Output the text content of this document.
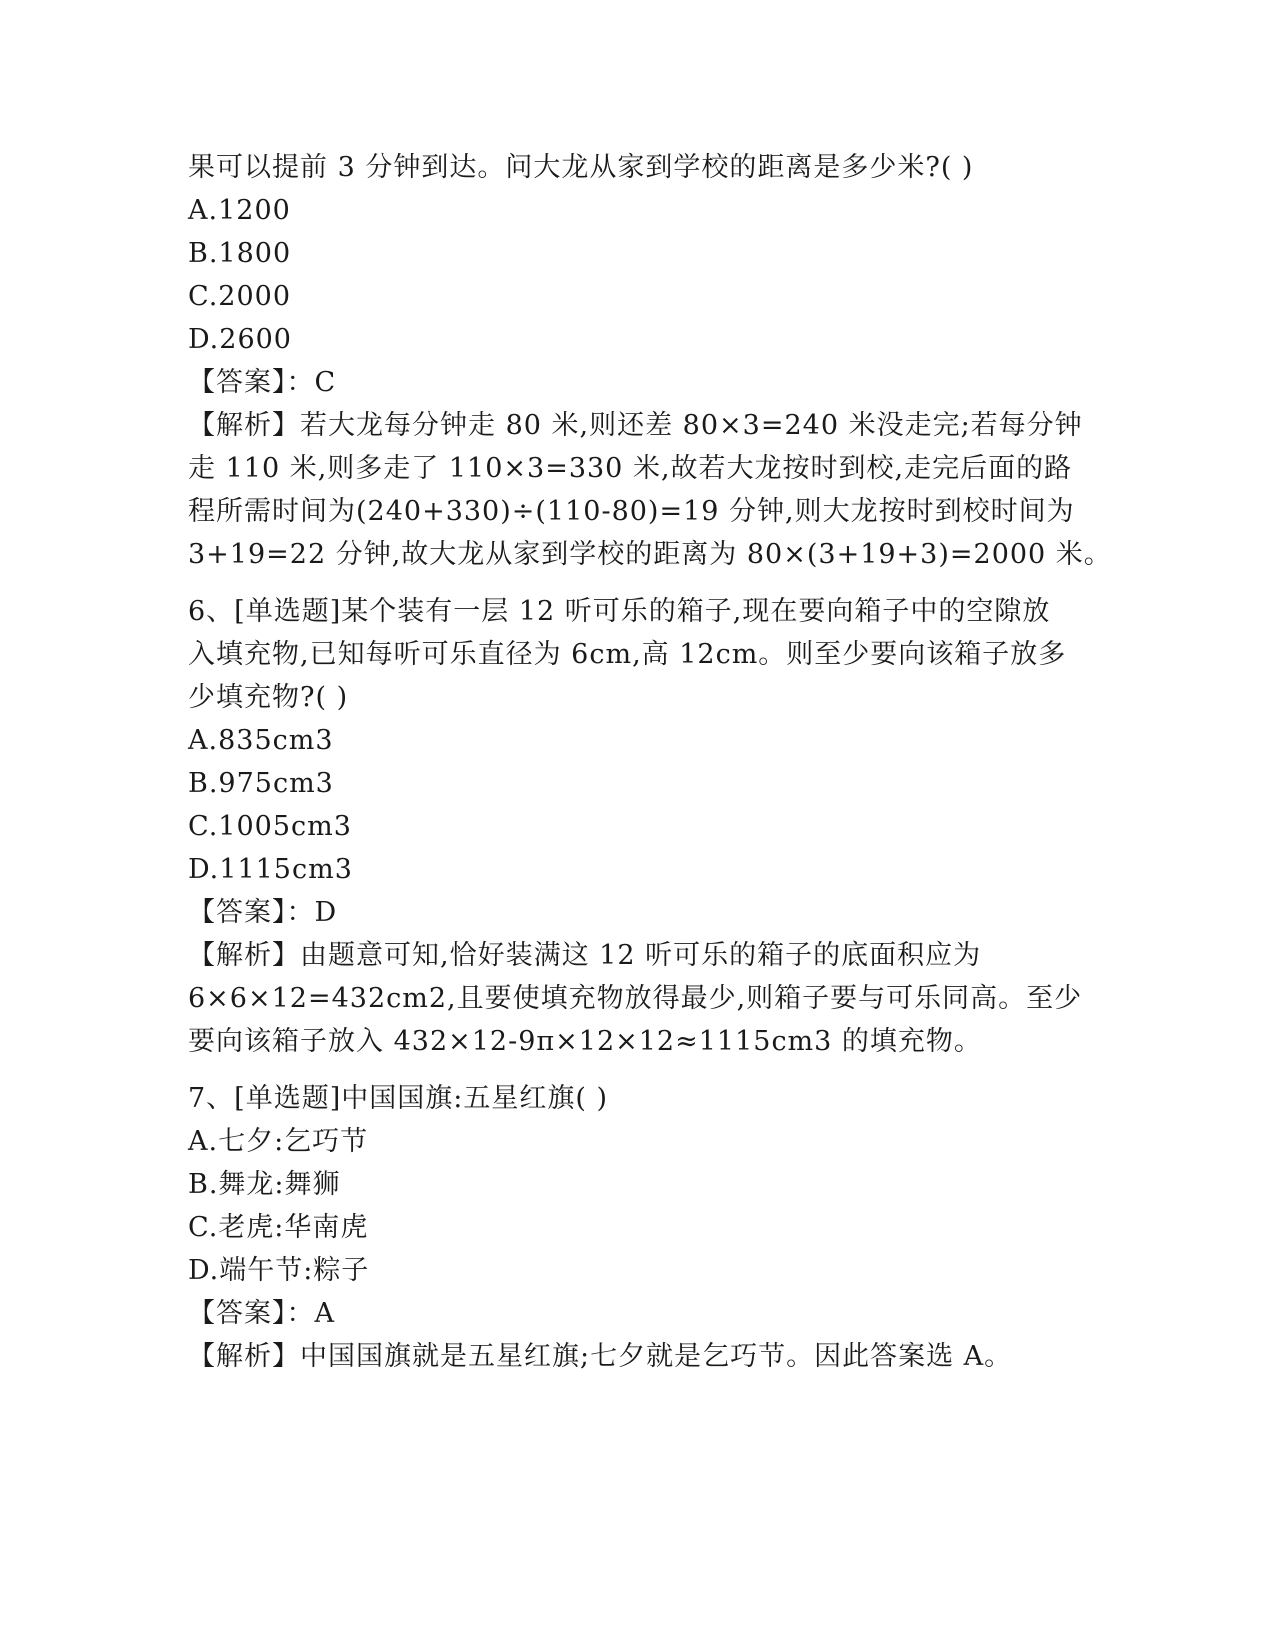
果可以提前 3 分钟到达。问大龙从家到学校的距离是多少米?( )
A.1200
B.1800
C.2000
D.2600
【答案】：C
【解析】若大龙每分钟走 80 米,则还差 80×3=240 米没走完;若每分钟
走 110 米,则多走了 110×3=330 米,故若大龙按时到校,走完后面的路
程所需时间为(240+330)÷(110-80)=19 分钟,则大龙按时到校时间为
3+19=22 分钟,故大龙从家到学校的距离为 80×(3+19+3)=2000 米。
6、[单选题]某个装有一层 12 听可乐的箱子,现在要向箱子中的空隙放
入填充物,已知每听可乐直径为 6cm,高 12cm。则至少要向该箱子放多
少填充物?( )
A.835cm3
B.975cm3
C.1005cm3
D.1115cm3
【答案】：D
【解析】由题意可知,恰好装满这 12 听可乐的箱子的底面积应为
6×6×12=432cm2,且要使填充物放得最少,则箱子要与可乐同高。至少
要向该箱子放入 432×12-9π×12×12≈1115cm3 的填充物。
7、[单选题]中国国旗:五星红旗( )
A.七夕:乞巧节
B.舞龙:舞狮
C.老虎:华南虎
D.端午节:粽子
【答案】：A
【解析】中国国旗就是五星红旗;七夕就是乞巧节。因此答案选 A。
